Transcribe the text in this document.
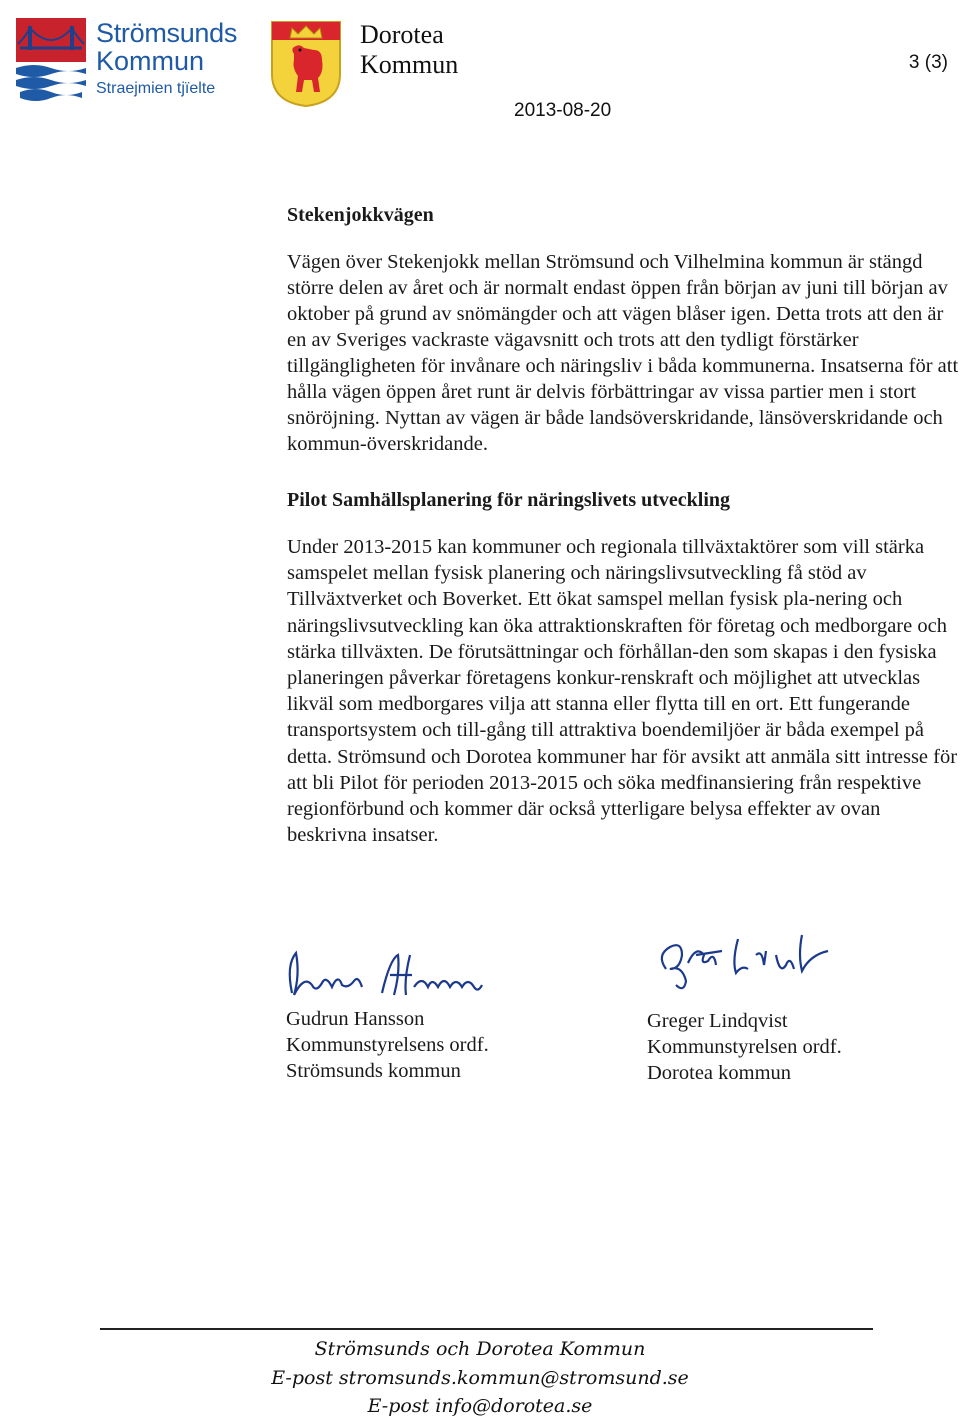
Strömsunds
Kommun
Straejmien tjïelte
Dorotea
Kommun	3 (3)
2013-08-20
Stekenjokkvägen

Vägen över Stekenjokk mellan Strömsund och Vilhelmina kommun är stängd större delen av året och är normalt endast öppen från början av juni till början av oktober på grund av snömängder och att vägen blåser igen. Detta trots att den är en av Sveriges vackraste vägavsnitt och trots att den tydligt förstärker tillgängligheten för invånare och näringsliv i båda kommunerna. Insatserna för att hålla vägen öppen året runt är delvis förbättringar av vissa partier men i stort snöröjning. Nyttan av vägen är både landsöverskridande, länsöverskridande och kommun-överskridande.

Pilot Samhällsplanering för näringslivets utveckling

Under 2013-2015 kan kommuner och regionala tillväxtaktörer som vill stärka samspelet mellan fysisk planering och näringslivsutveckling få stöd av Tillväxtverket och Boverket. Ett ökat samspel mellan fysisk pla-nering och näringslivsutveckling kan öka attraktionskraften för företag och medborgare och stärka tillväxten. De förutsättningar och förhållan-den som skapas i den fysiska planeringen påverkar företagens konkur-renskraft och möjlighet att utvecklas likväl som medborgares vilja att stanna eller flytta till en ort. Ett fungerande transportsystem och till-gång till attraktiva boendemiljöer är båda exempel på detta. Strömsund och Dorotea kommuner har för avsikt att anmäla sitt intresse för att bli Pilot för perioden 2013-2015 och söka medfinansiering från respektive regionförbund och kommer där också ytterligare belysa effekter av ovan beskrivna insatser.

Gudrun Hansson
Kommunstyrelsens ordf.
Strömsunds kommun
Greger Lindqvist
Kommunstyrelsen ordf.
Dorotea kommun
Strömsunds och Dorotea Kommun
E-post stromsunds.kommun@stromsund.se
E-post info@dorotea.se
